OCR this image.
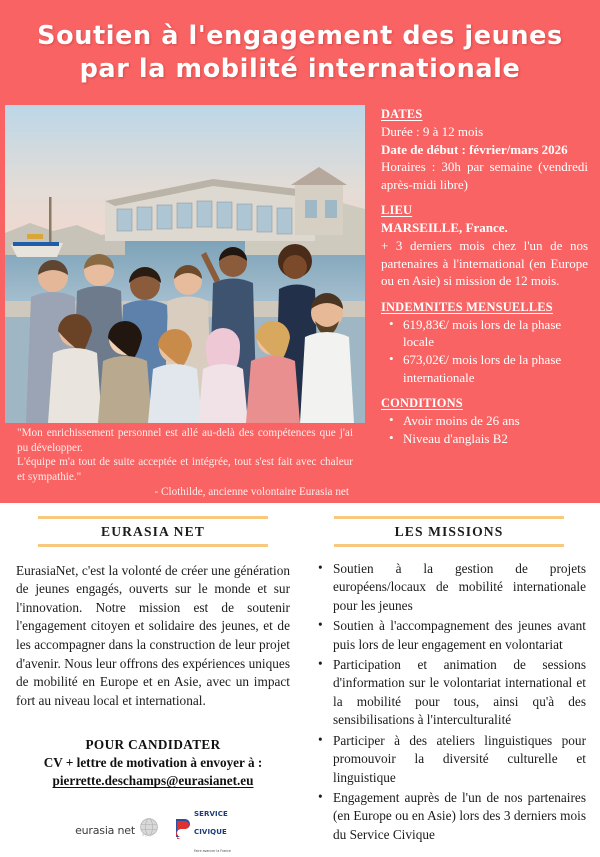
Soutien à l'engagement des jeunes par la mobilité internationale
"Mon enrichissement personnel est allé au-delà des compétences que j'ai pu développer.
L'équipe m'a tout de suite acceptée et intégrée, tout s'est fait avec chaleur et sympathie."
- Clothilde, ancienne volontaire Eurasia net
DATES
Durée : 9 à 12 mois
Date de début : février/mars 2026
Horaires : 30h par semaine (vendredi après-midi libre)
LIEU
MARSEILLE, France.
+ 3 derniers mois chez l'un de nos partenaires à l'international (en Europe ou en Asie) si mission de 12 mois.
INDEMNITES MENSUELLES
• 619,83€/ mois lors de la phase locale
• 673,02€/ mois lors de la phase internationale
CONDITIONS
• Avoir moins de 26 ans
• Niveau d'anglais B2
EURASIA NET
EurasiaNet, c'est la volonté de créer une génération de jeunes engagés, ouverts sur le monde et sur l'innovation. Notre mission est de soutenir l'engagement citoyen et solidaire des jeunes, et de les accompagner dans la construction de leur projet d'avenir. Nous leur offrons des expériences uniques de mobilité en Europe et en Asie, avec un impact fort au niveau local et international.
POUR CANDIDATER
CV + lettre de motivation à envoyer à :
pierrette.deschamps@eurasianet.eu
LES MISSIONS
• Soutien à la gestion de projets européens/locaux de mobilité internationale pour les jeunes
• Soutien à l'accompagnement des jeunes avant puis lors de leur engagement en volontariat
• Participation et animation de sessions d'information sur le volontariat international et la mobilité pour tous, ainsi qu'à des sensibilisations à l'interculturalité
• Participer à des ateliers linguistiques pour promouvoir la diversité culturelle et linguistique
• Engagement auprès de l'un de nos partenaires (en Europe ou en Asie) lors des 3 derniers mois du Service Civique
eurasia net
SERVICE
CIVIQUE
Faire avancer la France
